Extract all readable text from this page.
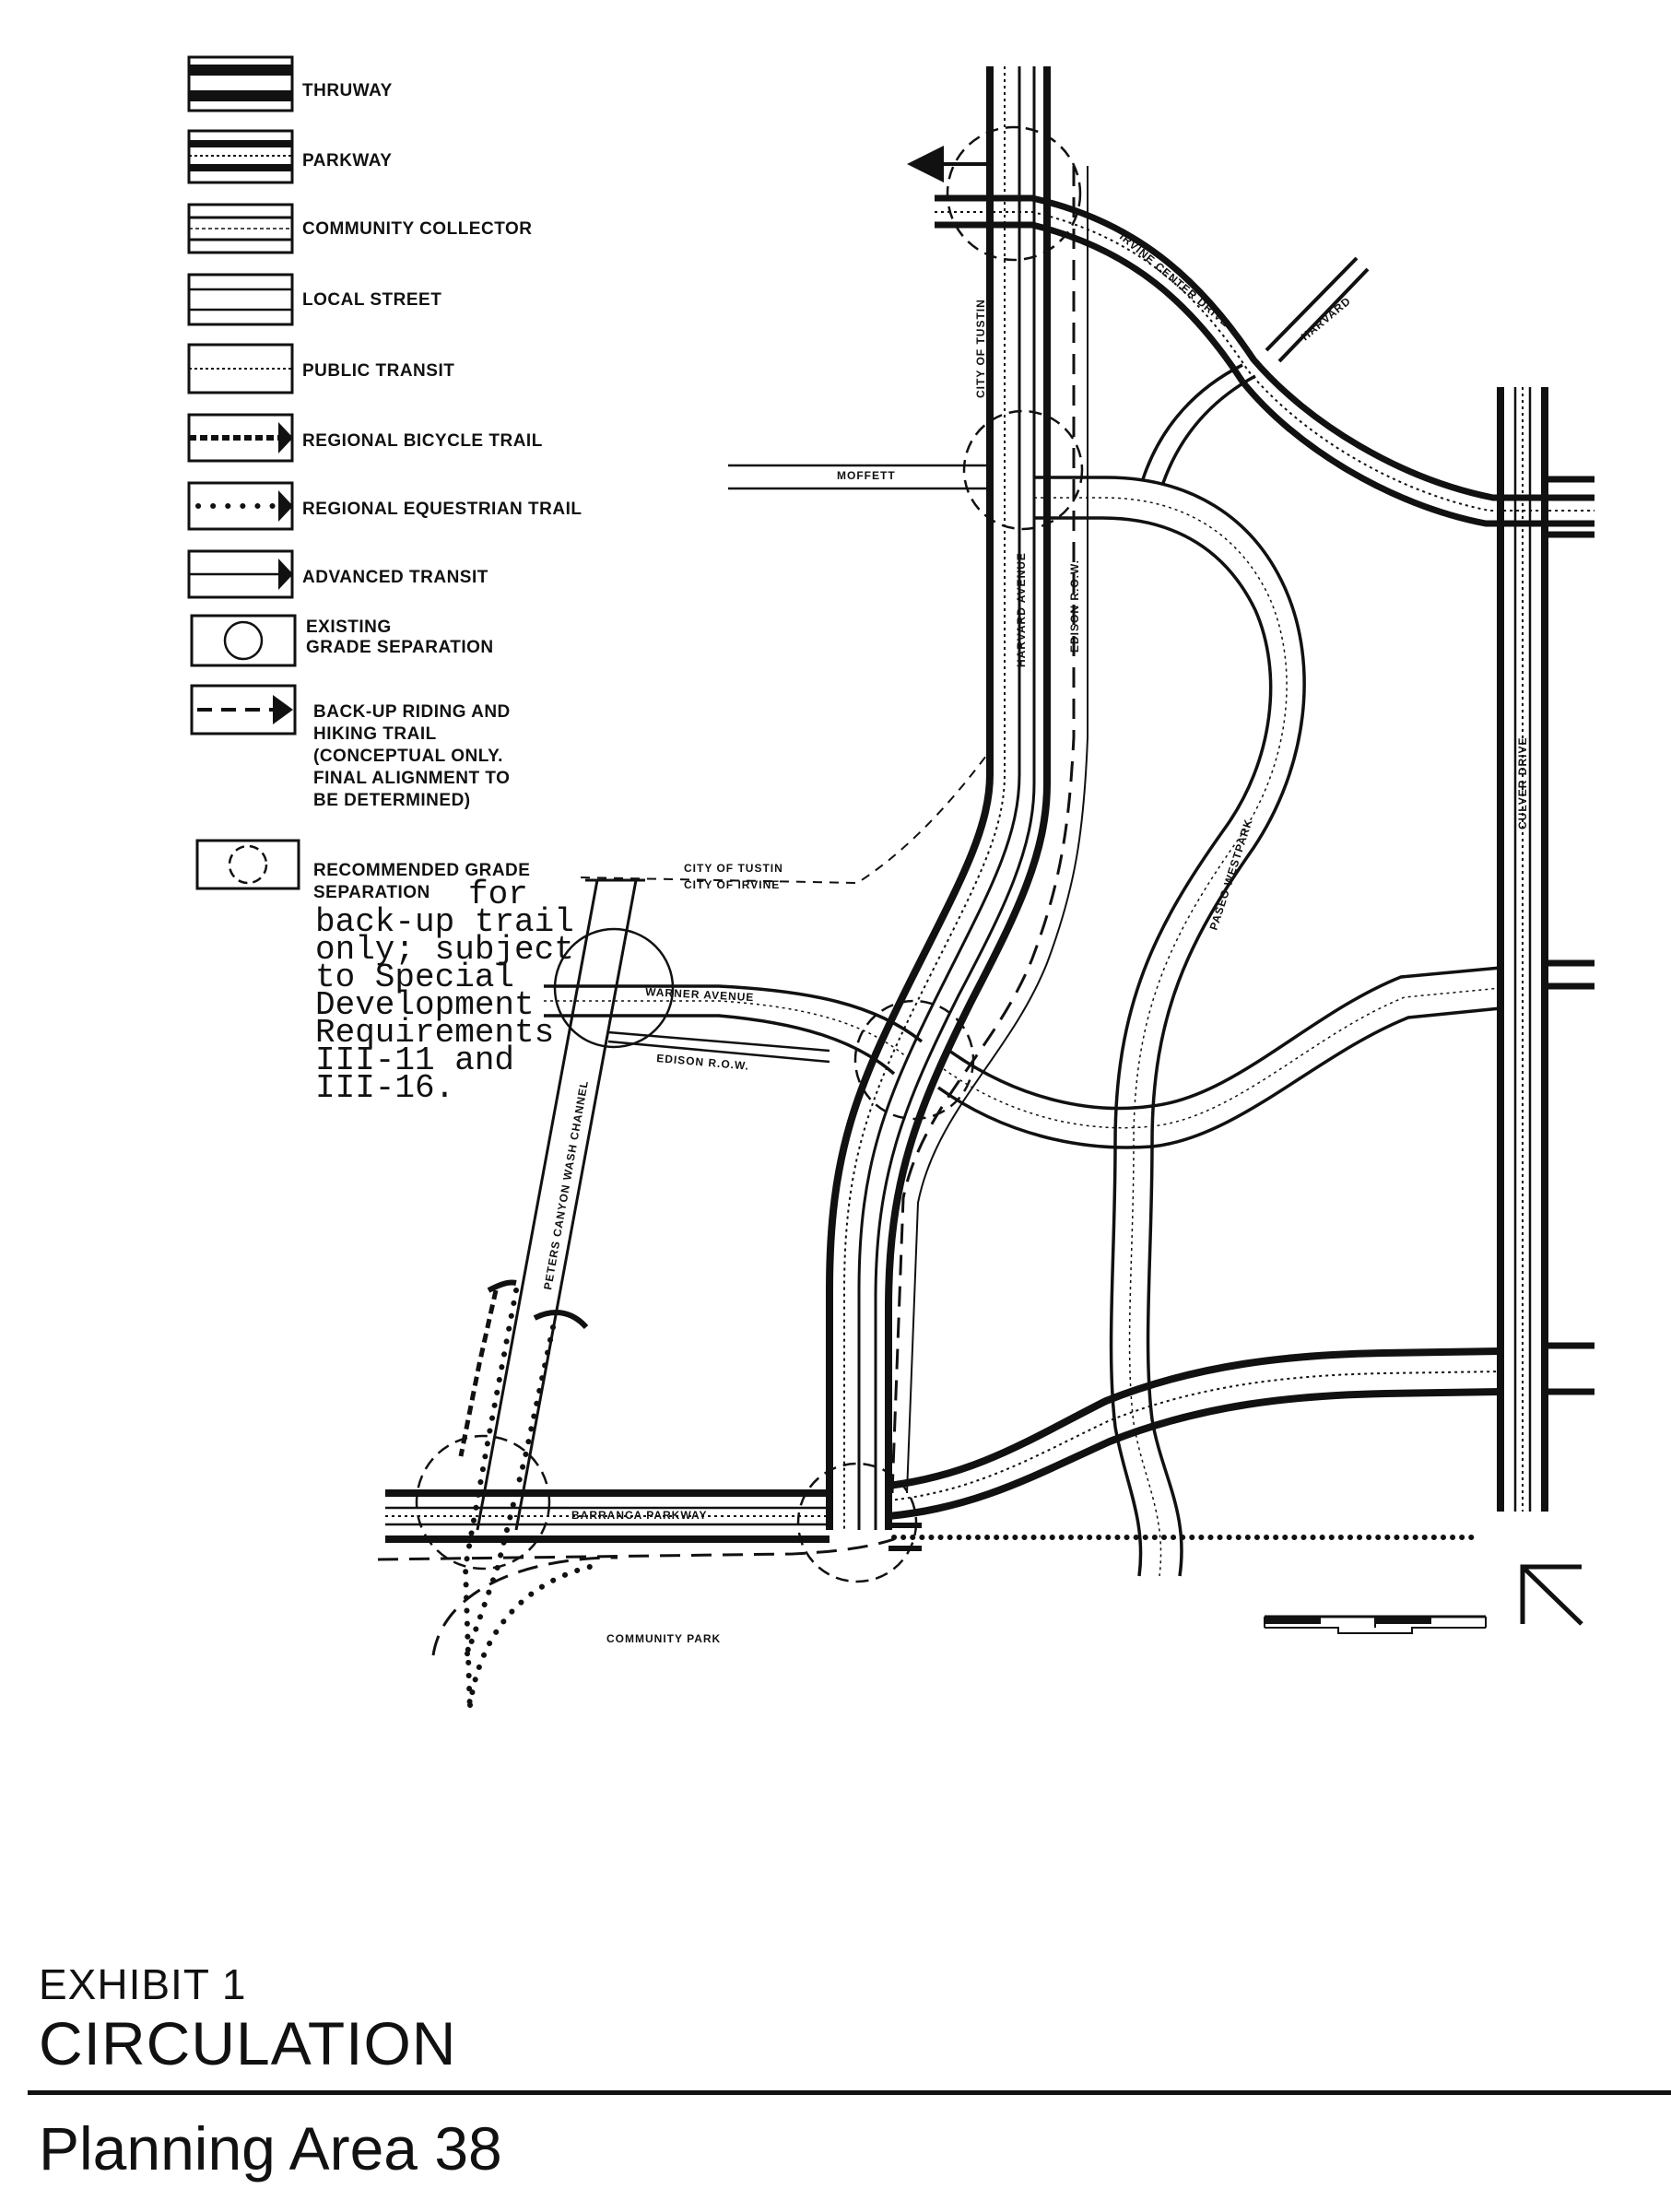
THRUWAY
PARKWAY
COMMUNITY COLLECTOR
LOCAL STREET
PUBLIC TRANSIT
REGIONAL BICYCLE TRAIL
REGIONAL EQUESTRIAN TRAIL
ADVANCED TRANSIT
EXISTING
GRADE SEPARATION
BACK-UP RIDING AND
HIKING TRAIL
(CONCEPTUAL ONLY.
FINAL ALIGNMENT TO
BE DETERMINED)
RECOMMENDED GRADE
SEPARATION for
back-up trail
only; subject
to Special
Development
Requirements
III-11 and
III-16.
MOFFETT
IRVINE CENTER DRIVE
CITY OF TUSTIN
HARVARD AVENUE	EDISON R.O.W.
PASEO WESTPARK
CULVER DRIVE
WARNER AVENUE
EDISON R.O.W.
PETERS CANYON WASH CHANNEL
BARRANCA PARKWAY
COMMUNITY PARK
CITY OF TUSTIN
CITY OF IRVINE
HARVARD
EXHIBIT 1
CIRCULATION
Planning Area 38
